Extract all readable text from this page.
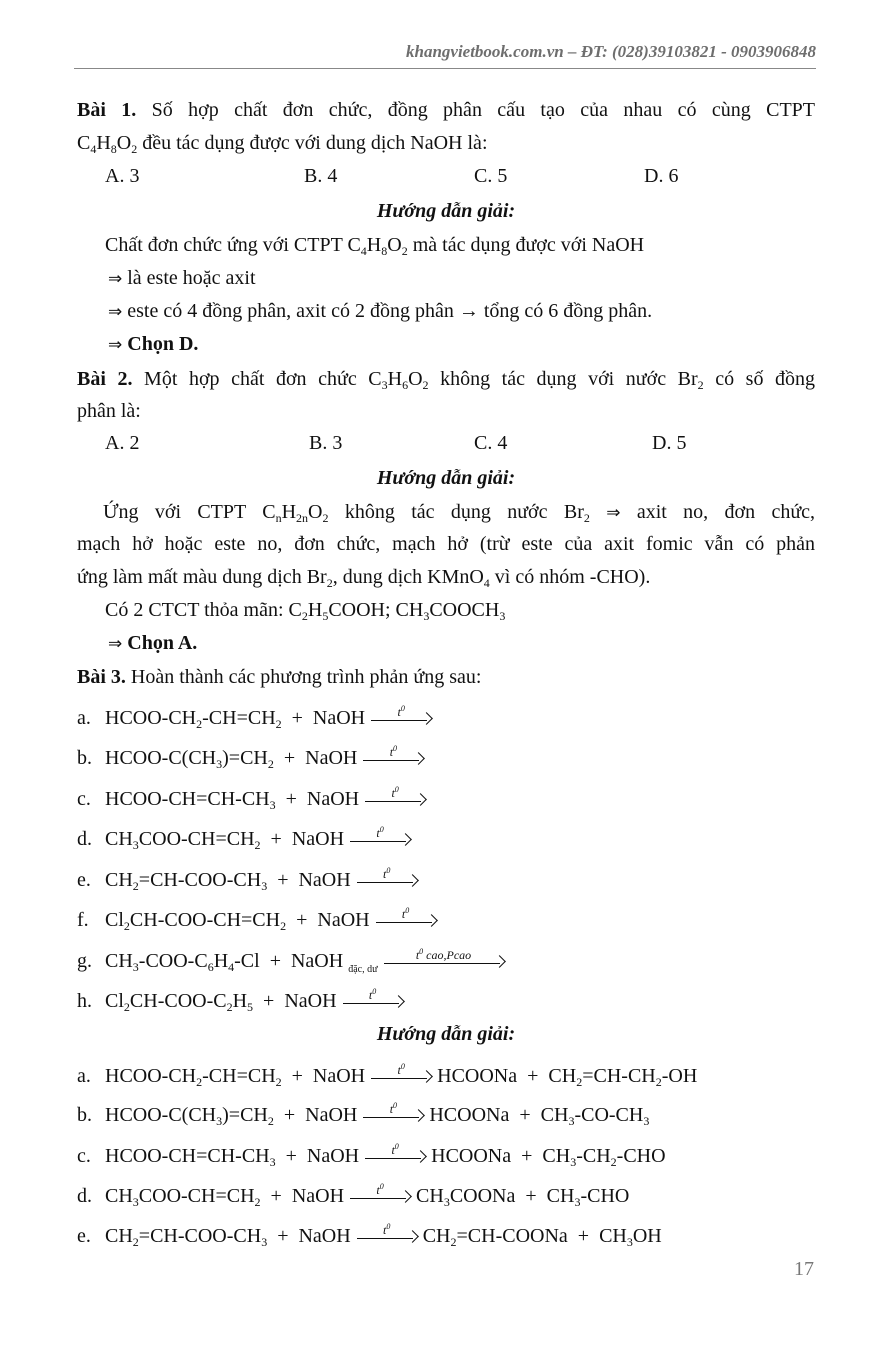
khangvietbook.com.vn – ĐT: (028)39103821 - 0903906848
Bài 1. Số hợp chất đơn chức, đồng phân cấu tạo của nhau có cùng CTPT
$C_4H_8O_2$ đều tác dụng được với dung dịch NaOH là:
A. 3	B. 4	C. 5	D. 6
Hướng dẫn giải:
Chất đơn chức ứng với CTPT $C_4H_8O_2$ mà tác dụng được với NaOH
⇒ là este hoặc axit
⇒ este có 4 đồng phân, axit có 2 đồng phân → tổng có 6 đồng phân.
⇒ Chọn D.
Bài 2. Một hợp chất đơn chức $C_3H_6O_2$ không tác dụng với nước $Br_2$ có số đồng
phân là:
A. 2	B. 3	C. 4	D. 5
Hướng dẫn giải:
Ứng với CTPT $C_nH_{2n}O_2$ không tác dụng nước $Br_2$ ⇒ axit no, đơn chức,
mạch hở hoặc este no, đơn chức, mạch hở (trừ este của axit fomic vẫn có phản
ứng làm mất màu dung dịch $Br_2$, dung dịch KMnO$_4$ vì có nhóm -CHO).
Có 2 CTCT thỏa mãn: $C_2H_5COOH$; $CH_3COOCH_3$
⇒ Chọn A.
Bài 3. Hoàn thành các phương trình phản ứng sau:
a. HCOO-$CH_2-CH=CH_2$  +  NaOH	$t^0$
b. HCOO-$C(CH_3)=CH_2$  +  NaOH	$t^0$
c. HCOO-$CH=CH-CH_3$  +  NaOH	$t^0$
d. $CH_3COO-CH=CH_2$  +  NaOH	$t^0$
e. $CH_2=CH-COO-CH_3$  +  NaOH	$t^0$
f. $Cl_2CH-COO-CH=CH_2$  +  NaOH	$t^0$
g. $CH_3-COO-C_6H_4-Cl$  +  NaOH $_{đặc, dư}$
$t^0$ cao,Pcao
h. $Cl_2CH-COO-C_2H_5$  +  NaOH	$t^0$
Hướng dẫn giải:
a. HCOO-$CH_2-CH=CH_2$  +  NaOH	$t^0$	HCOONa  +  $CH_2=CH-CH_2-OH$
b. HCOO-$C(CH_3)=CH_2$  +  NaOH	$t^0$	HCOONa  +  $CH_3-CO-CH_3$
c. HCOO-$CH=CH-CH_3$  +  NaOH	$t^0$	HCOONa  +  $CH_3-CH_2$-CHO
d. $CH_3COO-CH=CH_2$  +  NaOH	$t^0$	$CH_3COONa + CH_3-CHO$
e. $CH_2=CH-COO-CH_3$  +  NaOH	$t^0$	$CH_2=CH$-COONa  +  $CH_3OH$
17
